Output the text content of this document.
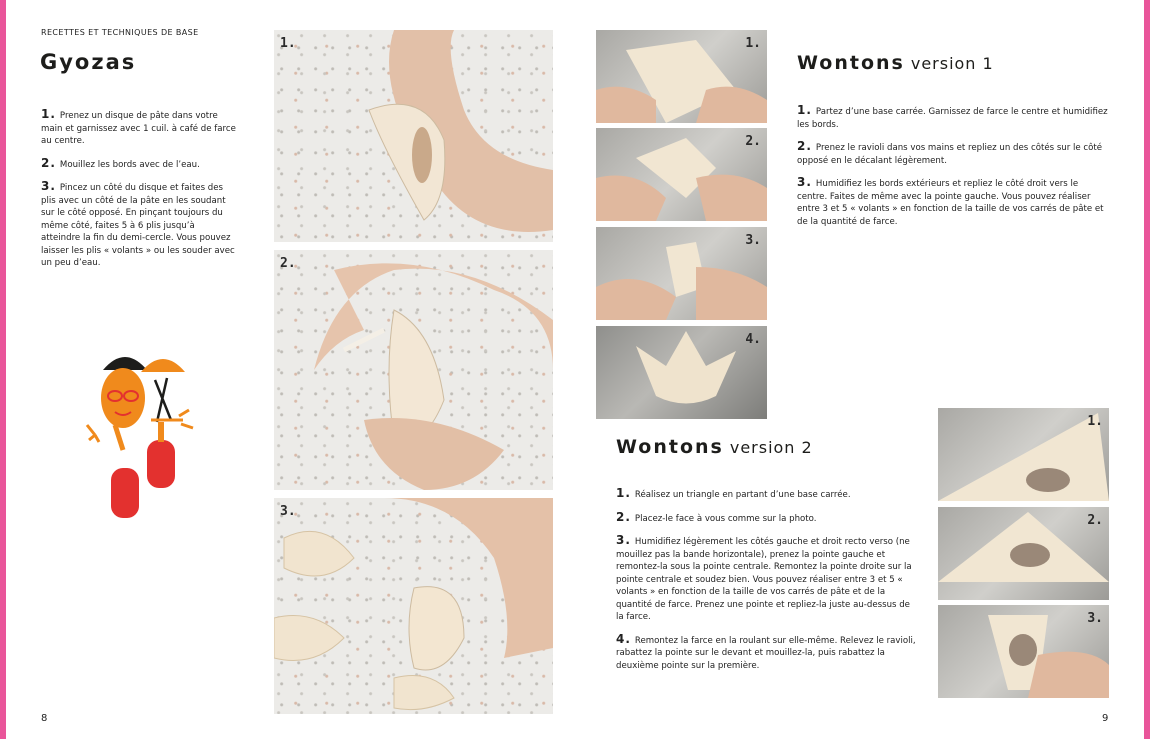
RECETTES ET TECHNIQUES DE BASE
Gyozas
1. Prenez un disque de pâte dans votre main et garnissez avec 1 cuil. à café de farce au centre.
2. Mouillez les bords avec de l’eau.
3. Pincez un côté du disque et faites des plis avec un côté de la pâte en les soudant sur le côté opposé. En pinçant toujours du même côté, faites 5 à 6 plis jusqu’à atteindre la fin du demi-cercle. Vous pouvez laisser les plis « volants » ou les souder avec un peu d’eau.
1.
2.
3.
8
1.
2.
3.
4.
Wontons version 1
1. Partez d’une base carrée. Garnissez de farce le centre et humidifiez les bords.
2. Prenez le ravioli dans vos mains et repliez un des côtés sur le côté opposé en le décalant légèrement.
3. Humidifiez les bords extérieurs et repliez le côté droit vers le centre. Faites de même avec la pointe gauche. Vous pouvez réaliser entre 3 et 5 « volants » en fonction de la taille de vos carrés de pâte et de la quantité de farce.
Wontons version 2
1. Réalisez un triangle en partant d’une base carrée.
2. Placez-le face à vous comme sur la photo.
3. Humidifiez légèrement les côtés gauche et droit recto verso (ne mouillez pas la bande horizontale), prenez la pointe gauche et remontez-la sous la pointe centrale. Remontez la pointe droite sur la pointe centrale et soudez bien. Vous pouvez réaliser entre 3 et 5 « volants » en fonction de la taille de vos carrés de pâte et de la quantité de farce. Prenez une pointe et repliez-la juste au-dessus de la farce.
4. Remontez la farce en la roulant sur elle-même. Relevez le ravioli, rabattez la pointe sur le devant et mouillez-la, puis rabattez la deuxième pointe sur la première.
1.
2.
3.
9
